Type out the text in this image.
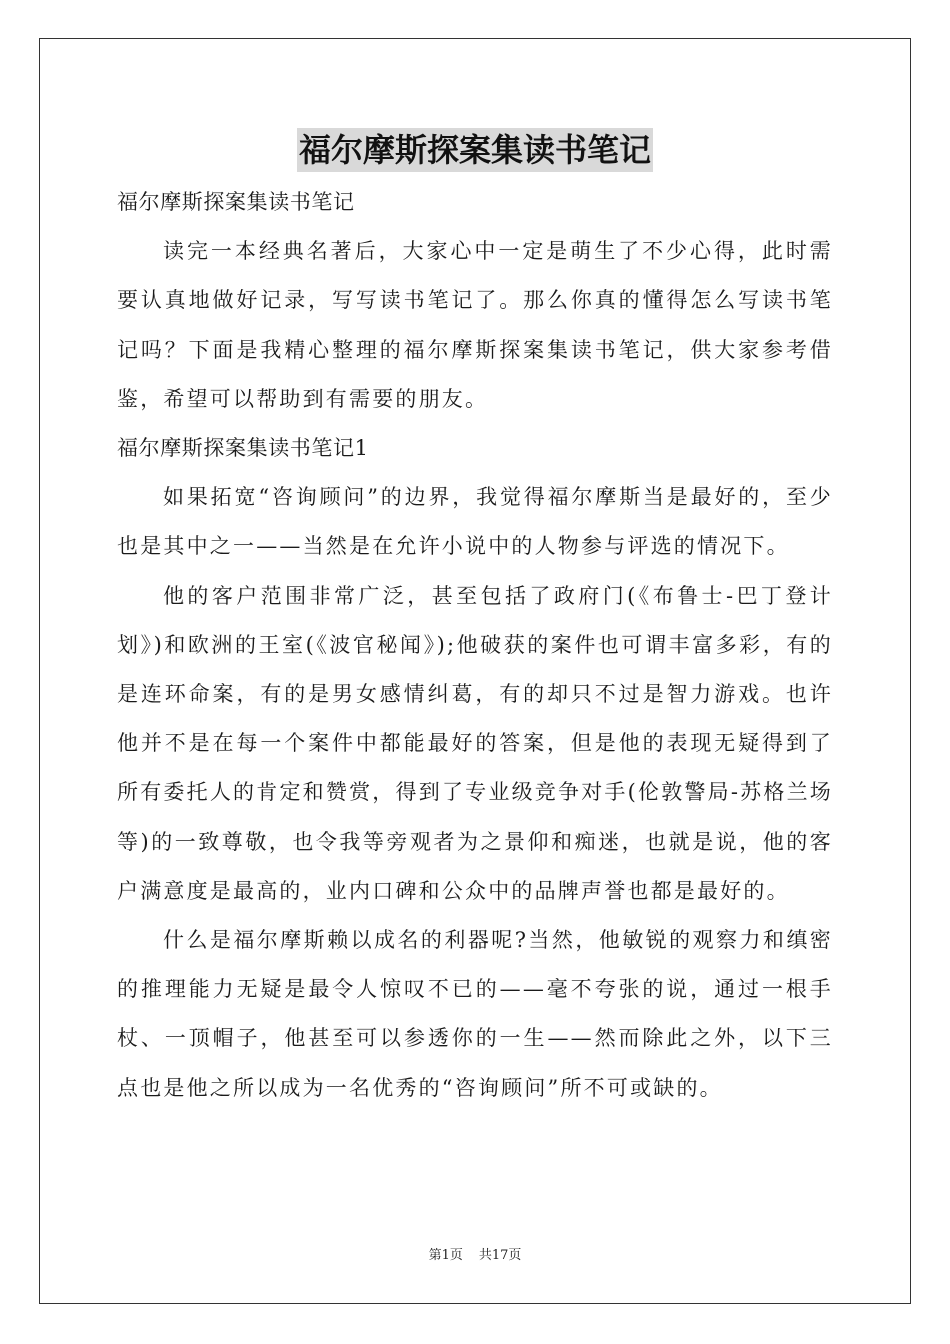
福尔摩斯探案集读书笔记

福尔摩斯探案集读书笔记

读完一本经典名著后，大家心中一定是萌生了不少心得，此时需要认真地做好记录，写写读书笔记了。那么你真的懂得怎么写读书笔记吗？下面是我精心整理的福尔摩斯探案集读书笔记，供大家参考借鉴，希望可以帮助到有需要的朋友。

福尔摩斯探案集读书笔记1

如果拓宽“咨询顾问”的边界，我觉得福尔摩斯当是最好的，至少也是其中之一——当然是在允许小说中的人物参与评选的情况下。

他的客户范围非常广泛，甚至包括了政府门(《布鲁士-巴丁登计划》)和欧洲的王室(《波官秘闻》);他破获的案件也可谓丰富多彩，有的是连环命案，有的是男女感情纠葛，有的却只不过是智力游戏。也许他并不是在每一个案件中都能最好的答案，但是他的表现无疑得到了所有委托人的肯定和赞赏，得到了专业级竞争对手(伦敦警局-苏格兰场等)的一致尊敬，也令我等旁观者为之景仰和痴迷，也就是说，他的客户满意度是最高的，业内口碑和公众中的品牌声誉也都是最好的。

什么是福尔摩斯赖以成名的利器呢?当然，他敏锐的观察力和缜密的推理能力无疑是最令人惊叹不已的——毫不夸张的说，通过一根手杖、一顶帽子，他甚至可以参透你的一生——然而除此之外，以下三点也是他之所以成为一名优秀的“咨询顾问”所不可或缺的。

第1页 共17页
